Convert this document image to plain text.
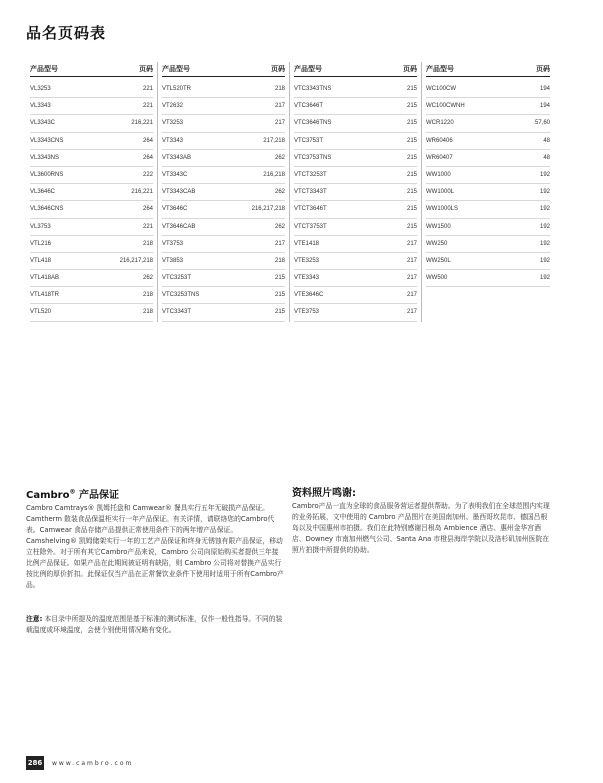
品名页码表
产品型号	页码
VL3253	221
VL3343	221
VL3343C	216,221
VL3343CNS	264
VL3343NS	264
VL3600RNS	222
VL3646C	216,221
VL3646CNS	264
VL3753	221
VTL216	218
VTL418	216,217,218
VTL418AB	262
VTL418TR	218
VTL520	218
产品型号	页码
VTL520TR	218
VT2632	217
VT3253	217
VT3343	217,218
VT3343AB	262
VT3343C	216,218
VT3343CAB	262
VT3646C	216,217,218
VT3646CAB	262
VT3753	217
VT3853	218
VTC3253T	215
VTC3253TNS	215
VTC3343T	215
产品型号	页码
VTC3343TNS	215
VTC3646T	215
VTC3646TNS	215
VTC3753T	215
VTC3753TNS	215
VTCT3253T	215
VTCT3343T	215
VTCT3646T	215
VTCT3753T	215
VTE1418	217
VTE3253	217
VTE3343	217
VTE3646C	217
VTE3753	217
产品型号	页码
WC100CW	194
WC100CWNH	194
WCR1220	57,60
WR60406	48
WR60407	48
WW1000	192
WW1000L	192
WW1000LS	192
WW1500	192
WW250	192
WW250L	192
WW500	192
Cambro® 产品保证
Cambro Camtrays® 凯姆托盘和 Camwear® 餐具实行五年无破损产品保证。Camtherm 散装食品保温柜实行一年产品保证。有关详情，请联络您的Cambro代表。Camwear 食品存储产品提供正常使用条件下的两年增产品保证。Camshelving® 凯姆储架实行一年的工艺产品保证和终身无锈蚀有限产品保证，移动立柱除外。对于所有其它Cambro产品来说，Cambro 公司向原始购买者提供三年接比例产品保证。如果产品在此期间被证明有缺陷，则 Cambro 公司将对替换产品实行按比例的厚价折扣。此保证仅当产品在正常餐饮业条件下使用时适用于所有Cambro产品。
注意: 本目录中所提及的温度范围是基于标准的测试标准，仅作一般性指导。不同的装载温度或环境温度，会使个别使用情况略有变化。
资料照片鸣谢:
Cambro产品一直为全球的食品服务营运者提供帮助。为了表明我们在全球范围内实现的业务拓展，文中使用的 Cambro 产品图片在美国南加州、墨西哥坎昆市、德国吕根岛以及中国惠州市拍摄。我们在此特别感谢吕根岛 Ambience 酒店、惠州金华宫酒店、Downey 市南加州燃气公司、Santa Ana 市橙县海岸学院以及洛杉矶加州医院在照片拍摄中所提供的协助。
286 www.cambro.com
